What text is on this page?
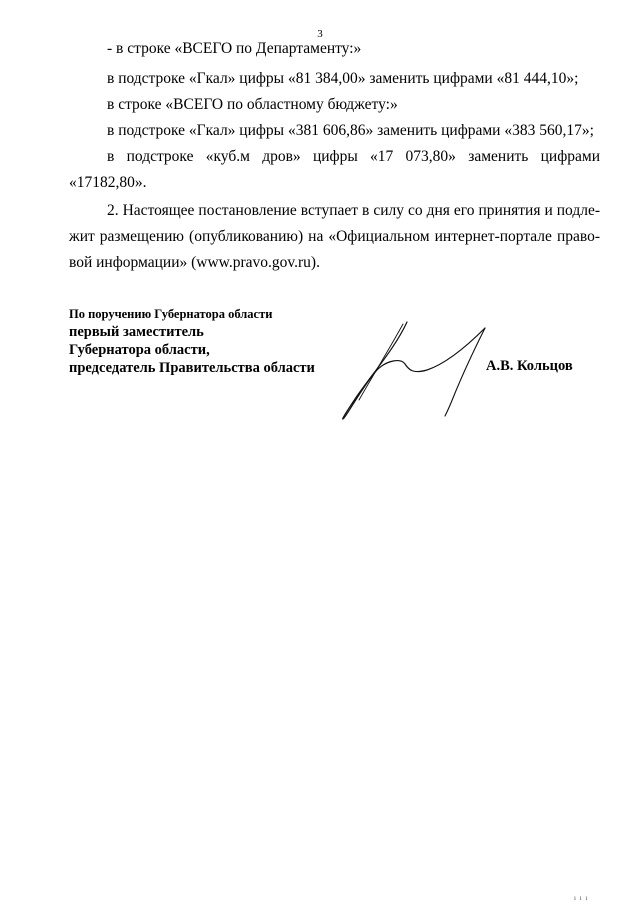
3
- в строке «ВСЕГО по Департаменту:»
в подстроке «Гкал» цифры «81 384,00» заменить цифрами «81 444,10»;
в строке «ВСЕГО по областному бюджету:»
в подстроке «Гкал» цифры «381 606,86» заменить цифрами «383 560,17»;
в подстроке «куб.м дров» цифры «17 073,80» заменить цифрами
«17182,80».
2. Настоящее постановление вступает в силу со дня его принятия и подле-
жит размещению (опубликованию) на «Официальном интернет-портале право-
вой информации» (www.pravo.gov.ru).
По поручению Губернатора области
первый заместитель
Губернатора области,
председатель Правительства области	А.В. Кольцов
ı ı ı
